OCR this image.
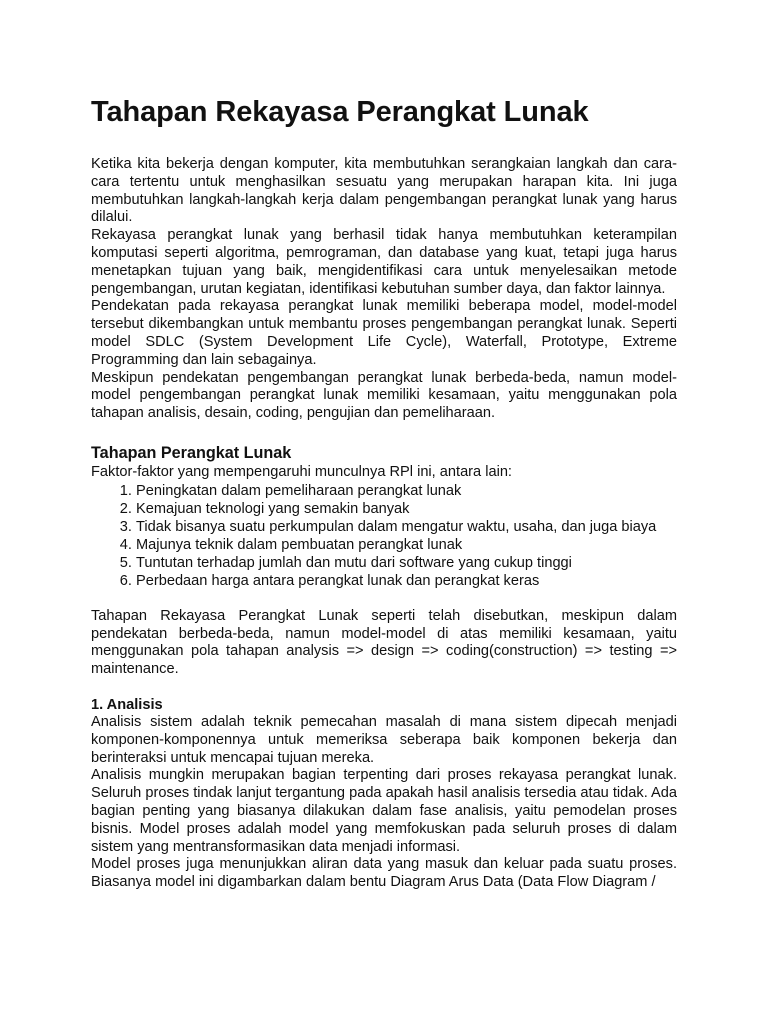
Tahapan Rekayasa Perangkat Lunak

Ketika kita bekerja dengan komputer, kita membutuhkan serangkaian langkah dan cara-cara tertentu untuk menghasilkan sesuatu yang merupakan harapan kita. Ini juga membutuhkan langkah-langkah kerja dalam pengembangan perangkat lunak yang harus dilalui.

Rekayasa perangkat lunak yang berhasil tidak hanya membutuhkan keterampilan komputasi seperti algoritma, pemrograman, dan database yang kuat, tetapi juga harus menetapkan tujuan yang baik, mengidentifikasi cara untuk menyelesaikan metode pengembangan, urutan kegiatan, identifikasi kebutuhan sumber daya, dan faktor lainnya.

Pendekatan pada rekayasa perangkat lunak memiliki beberapa model, model-model tersebut dikembangkan untuk membantu proses pengembangan perangkat lunak. Seperti model SDLC (System Development Life Cycle), Waterfall, Prototype, Extreme Programming dan lain sebagainya.

Meskipun pendekatan pengembangan perangkat lunak berbeda-beda, namun model-model pengembangan perangkat lunak memiliki kesamaan, yaitu menggunakan pola tahapan analisis, desain, coding, pengujian dan pemeliharaan.

Tahapan Perangkat Lunak

Faktor-faktor yang mempengaruhi munculnya RPl ini, antara lain:

1. Peningkatan dalam pemeliharaan perangkat lunak
2. Kemajuan teknologi yang semakin banyak
3. Tidak bisanya suatu perkumpulan dalam mengatur waktu, usaha, dan juga biaya
4. Majunya teknik dalam pembuatan perangkat lunak
5. Tuntutan terhadap jumlah dan mutu dari software yang cukup tinggi
6. Perbedaan harga antara perangkat lunak dan perangkat keras

Tahapan Rekayasa Perangkat Lunak seperti telah disebutkan, meskipun dalam pendekatan berbeda-beda, namun model-model di atas memiliki kesamaan, yaitu menggunakan pola tahapan analysis => design => coding(construction) => testing => maintenance.

1. Analisis

Analisis sistem adalah teknik pemecahan masalah di mana sistem dipecah menjadi komponen-komponennya untuk memeriksa seberapa baik komponen bekerja dan berinteraksi untuk mencapai tujuan mereka.

Analisis mungkin merupakan bagian terpenting dari proses rekayasa perangkat lunak. Seluruh proses tindak lanjut tergantung pada apakah hasil analisis tersedia atau tidak. Ada bagian penting yang biasanya dilakukan dalam fase analisis, yaitu pemodelan proses bisnis. Model proses adalah model yang memfokuskan pada seluruh proses di dalam sistem yang mentransformasikan data menjadi informasi.

Model proses juga menunjukkan aliran data yang masuk dan keluar pada suatu proses. Biasanya model ini digambarkan dalam bentu Diagram Arus Data (Data Flow Diagram /
